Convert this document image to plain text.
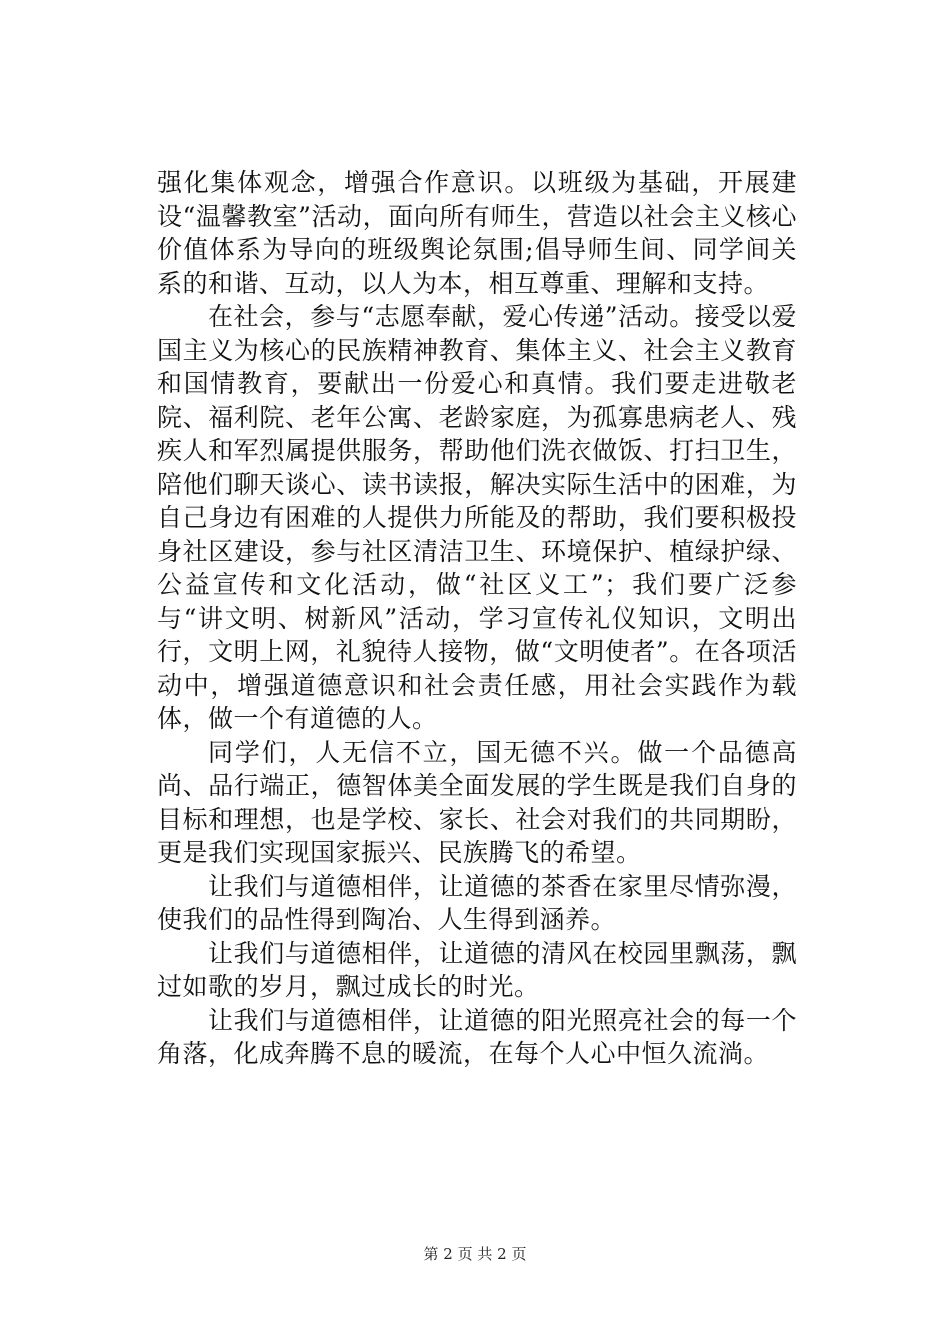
强化集体观念，增强合作意识。以班级为基础，开展建设“温馨教室”活动，面向所有师生，营造以社会主义核心价值体系为导向的班级舆论氛围;倡导师生间、同学间关系的和谐、互动，以人为本，相互尊重、理解和支持。

在社会，参与“志愿奉献，爱心传递”活动。接受以爱国主义为核心的民族精神教育、集体主义、社会主义教育和国情教育，要献出一份爱心和真情。我们要走进敬老院、福利院、老年公寓、老龄家庭，为孤寡患病老人、残疾人和军烈属提供服务，帮助他们洗衣做饭、打扫卫生，陪他们聊天谈心、读书读报，解决实际生活中的困难，为自己身边有困难的人提供力所能及的帮助，我们要积极投身社区建设，参与社区清洁卫生、环境保护、植绿护绿、公益宣传和文化活动，做“社区义工”；我们要广泛参与“讲文明、树新风”活动，学习宣传礼仪知识，文明出行，文明上网，礼貌待人接物，做“文明使者”。在各项活动中，增强道德意识和社会责任感，用社会实践作为载体，做一个有道德的人。

同学们，人无信不立，国无德不兴。做一个品德高尚、品行端正，德智体美全面发展的学生既是我们自身的目标和理想，也是学校、家长、社会对我们的共同期盼，更是我们实现国家振兴、民族腾飞的希望。

让我们与道德相伴，让道德的茶香在家里尽情弥漫，使我们的品性得到陶冶、人生得到涵养。

让我们与道德相伴，让道德的清风在校园里飘荡，飘过如歌的岁月，飘过成长的时光。

让我们与道德相伴，让道德的阳光照亮社会的每一个角落，化成奔腾不息的暖流，在每个人心中恒久流淌。

第 2 页 共 2 页
